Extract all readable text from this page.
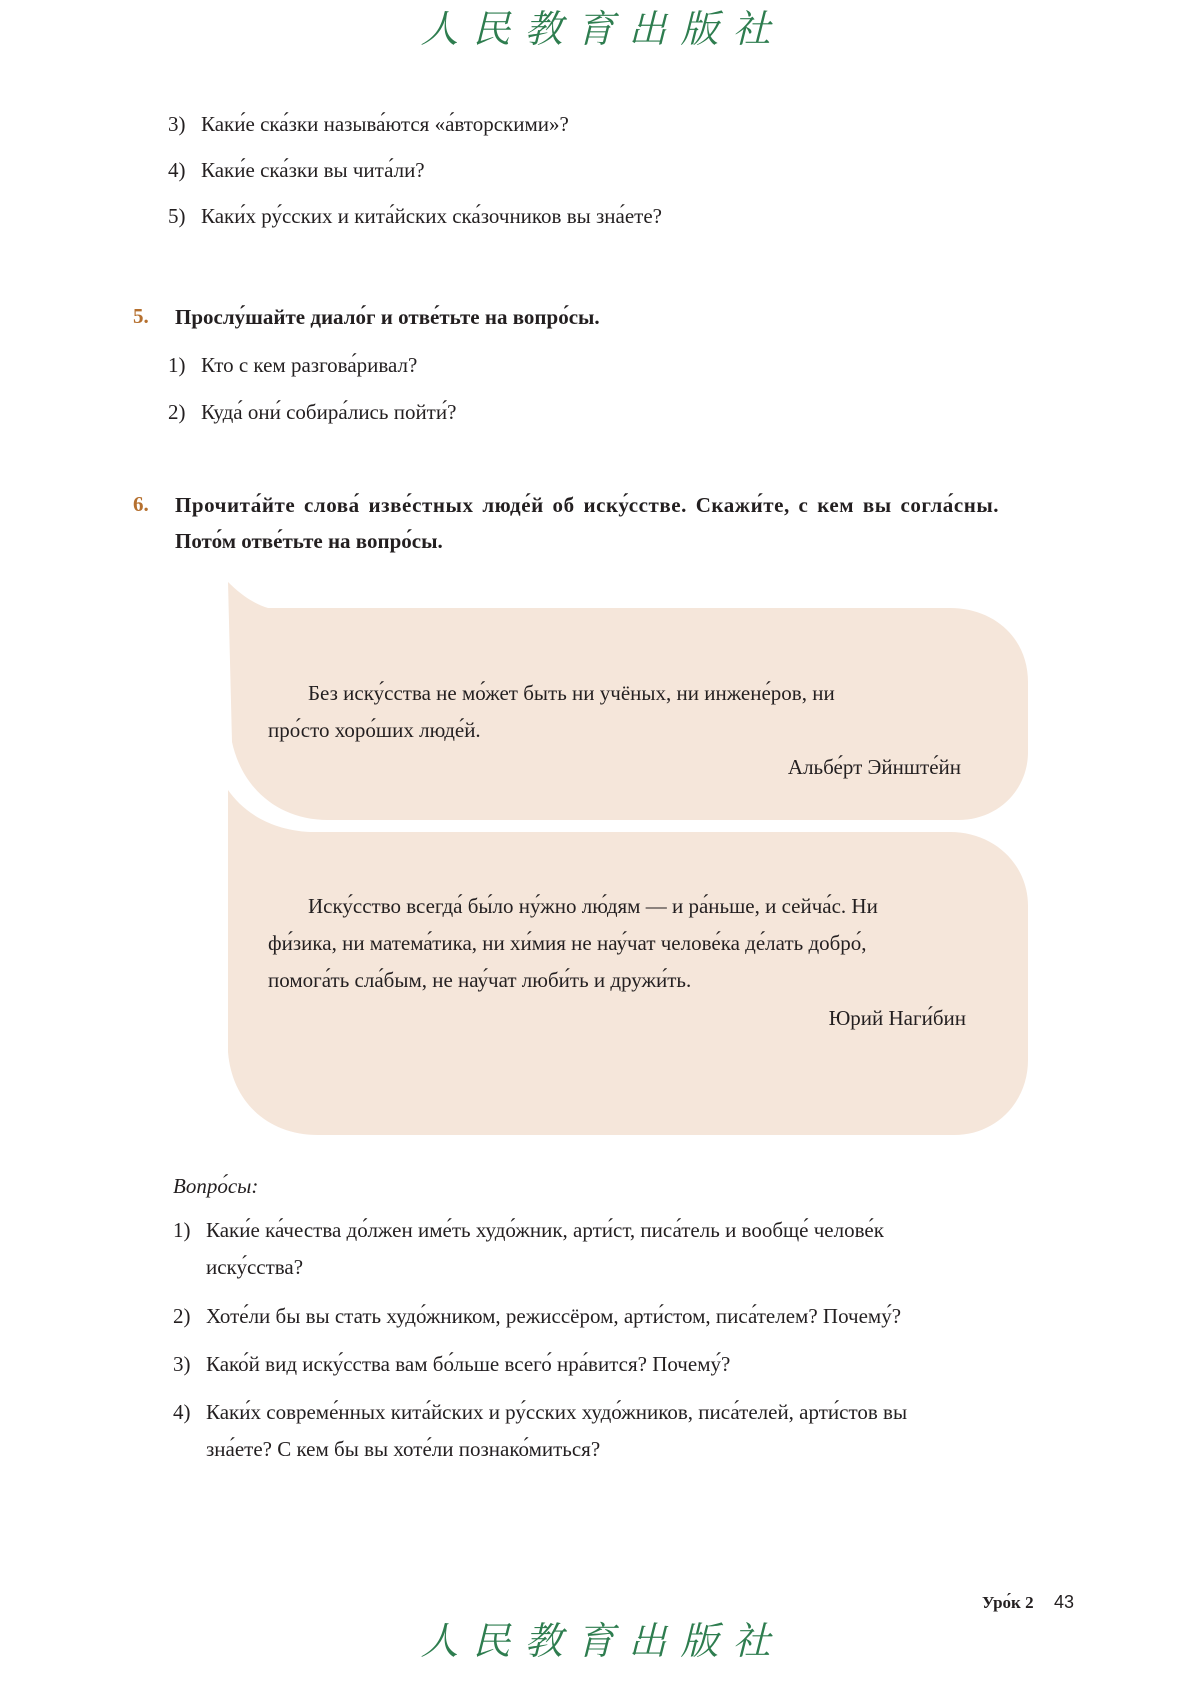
人民教育出版社
3) Каки́е ска́зки называ́ются «а́вторскими»?
4) Каки́е ска́зки вы чита́ли?
5) Каки́х ру́сских и кита́йских ска́зочников вы зна́ете?
5. Прослу́шайте диало́г и отве́тьте на вопро́сы.
1) Кто с кем разгова́ривал?
2) Куда́ они́ собира́лись пойти́?
6. Прочита́йте слова́ изве́стных люде́й об иску́сстве. Скажи́те, с кем вы согла́сны.
Пото́м отве́тьте на вопро́сы.
Без иску́сства не мо́жет быть ни учёных, ни инжене́ров, ни
про́сто хоро́ших люде́й.
Альбе́рт Эйнште́йн
Иску́сство всегда́ бы́ло ну́жно лю́дям — и ра́ньше, и сейча́с. Ни
фи́зика, ни матема́тика, ни хи́мия не нау́чат челове́ка де́лать добро́,
помога́ть сла́бым, не нау́чат люби́ть и дружи́ть.
Юрий Наги́бин
Вопро́сы:
1) Каки́е ка́чества до́лжен име́ть худо́жник, арти́ст, писа́тель и вообще́ челове́к
иску́сства?
2) Хоте́ли бы вы стать худо́жником, режиссёром, арти́стом, писа́телем? Почему́?
3) Како́й вид иску́сства вам бо́льше всего́ нра́вится? Почему́?
4) Каки́х совреме́нных кита́йских и ру́сских худо́жников, писа́телей, арти́стов вы
зна́ете? С кем бы вы хоте́ли познако́миться?
Уро́к 2 43
人民教育出版社
